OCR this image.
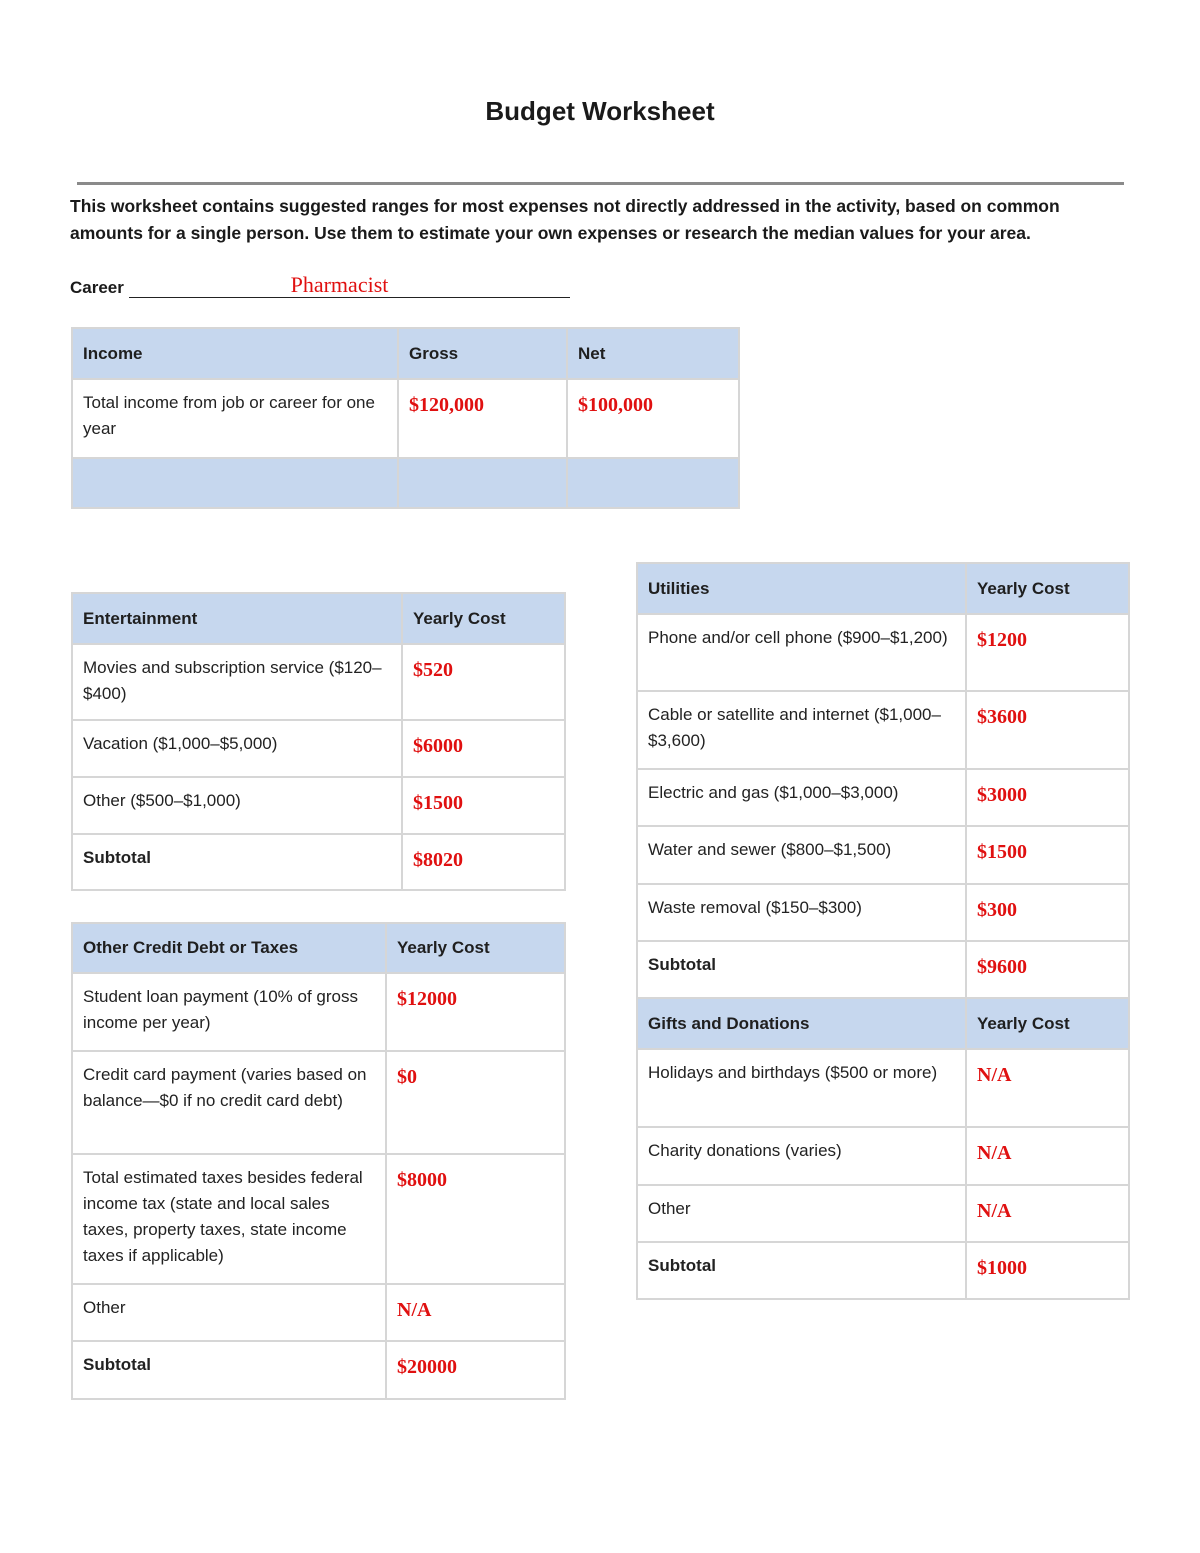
Budget Worksheet
This worksheet contains suggested ranges for most expenses not directly addressed in the activity, based on common amounts for a single person. Use them to estimate your own expenses or research the median values for your area.
Career	Pharmacist
Income	Gross	Net
Total income from job or career for one year	$120,000	$100,000

Entertainment	Yearly Cost
Movies and subscription service ($120–$400)	$520
Vacation ($1,000–$5,000)	$6000
Other ($500–$1,000)	$1500
Subtotal	$8020
Other Credit Debt or Taxes	Yearly Cost
Student loan payment (10% of gross income per year)	$12000
Credit card payment (varies based on balance—$0 if no credit card debt)	$0
Total estimated taxes besides federal income tax (state and local sales taxes, property taxes, state income taxes if applicable)	$8000
Other	N/A
Subtotal	$20000
Utilities	Yearly Cost
Phone and/or cell phone ($900–$1,200)	$1200
Cable or satellite and internet ($1,000–$3,600)	$3600
Electric and gas ($1,000–$3,000)	$3000
Water and sewer ($800–$1,500)	$1500
Waste removal ($150–$300)	$300
Subtotal	$9600
Gifts and Donations	Yearly Cost
Holidays and birthdays ($500 or more)	N/A
Charity donations (varies)	N/A
Other	N/A
Subtotal	$1000
